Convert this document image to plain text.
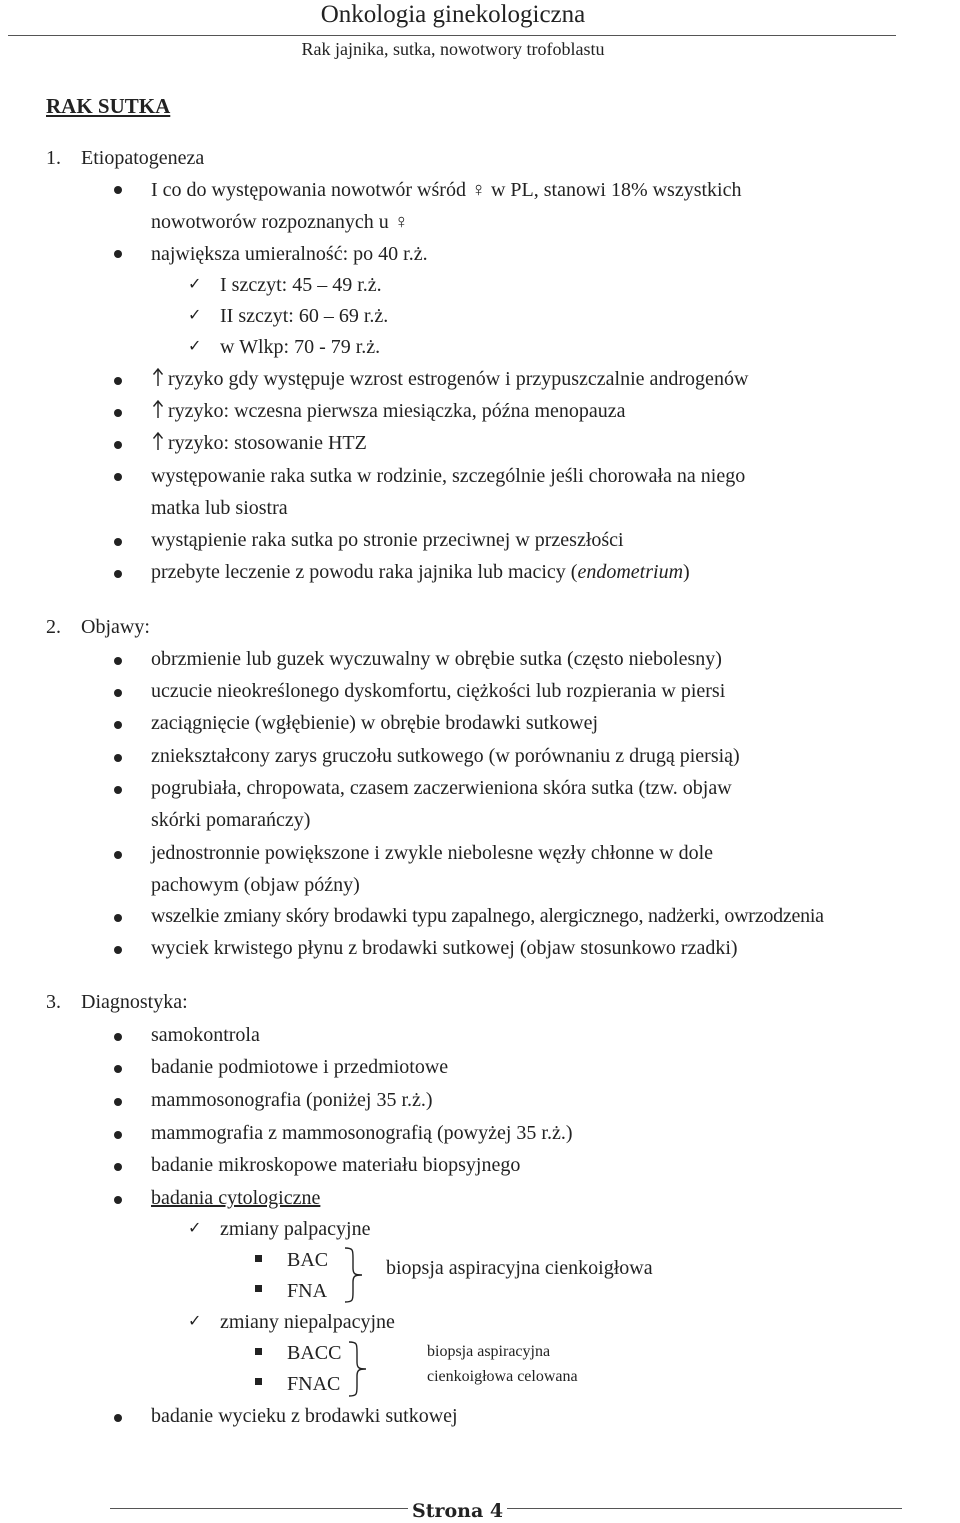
Onkologia ginekologiczna
Rak jajnika, sutka, nowotwory trofoblastu
RAK SUTKA
1. Etiopatogeneza
I co do występowania nowotwór wśród ♀ w PL, stanowi 18% wszystkich
nowotworów rozpoznanych u ♀
największa umieralność: po 40 r.ż.
✓ I szczyt: 45 – 49 r.ż.
✓ II szczyt: 60 – 69 r.ż.
✓ w Wlkp: 70 - 79 r.ż.
ryzyko gdy występuje wzrost estrogenów i przypuszczalnie androgenów
ryzyko: wczesna pierwsza miesiączka, późna menopauza
ryzyko: stosowanie HTZ
występowanie raka sutka w rodzinie, szczególnie jeśli chorowała na niego
matka lub siostra
wystąpienie raka sutka po stronie przeciwnej w przeszłości
przebyte leczenie z powodu raka jajnika lub macicy (endometrium)
2. Objawy:
obrzmienie lub guzek wyczuwalny w obrębie sutka (często niebolesny)
uczucie nieokreślonego dyskomfortu, ciężkości lub rozpierania w piersi
zaciągnięcie (wgłębienie) w obrębie brodawki sutkowej
zniekształcony zarys gruczołu sutkowego (w porównaniu z drugą piersią)
pogrubiała, chropowata, czasem zaczerwieniona skóra sutka (tzw. objaw
skórki pomarańczy)
jednostronnie powiększone i zwykle niebolesne węzły chłonne w dole
pachowym (objaw późny)
wszelkie zmiany skóry brodawki typu zapalnego, alergicznego, nadżerki, owrzodzenia
wyciek krwistego płynu z brodawki sutkowej (objaw stosunkowo rzadki)
3. Diagnostyka:
samokontrola
badanie podmiotowe i przedmiotowe
mammosonografia (poniżej 35 r.ż.)
mammografia z mammosonografią (powyżej 35 r.ż.)
badanie mikroskopowe materiału biopsyjnego
badania cytologiczne
✓ zmiany palpacyjne
BAC
FNA
biopsja aspiracyjna cienkoigłowa
✓ zmiany niepalpacyjne
BACC
FNAC
biopsja aspiracyjna
cienkoigłowa celowana
badanie wycieku z brodawki sutkowej
Strona 4
